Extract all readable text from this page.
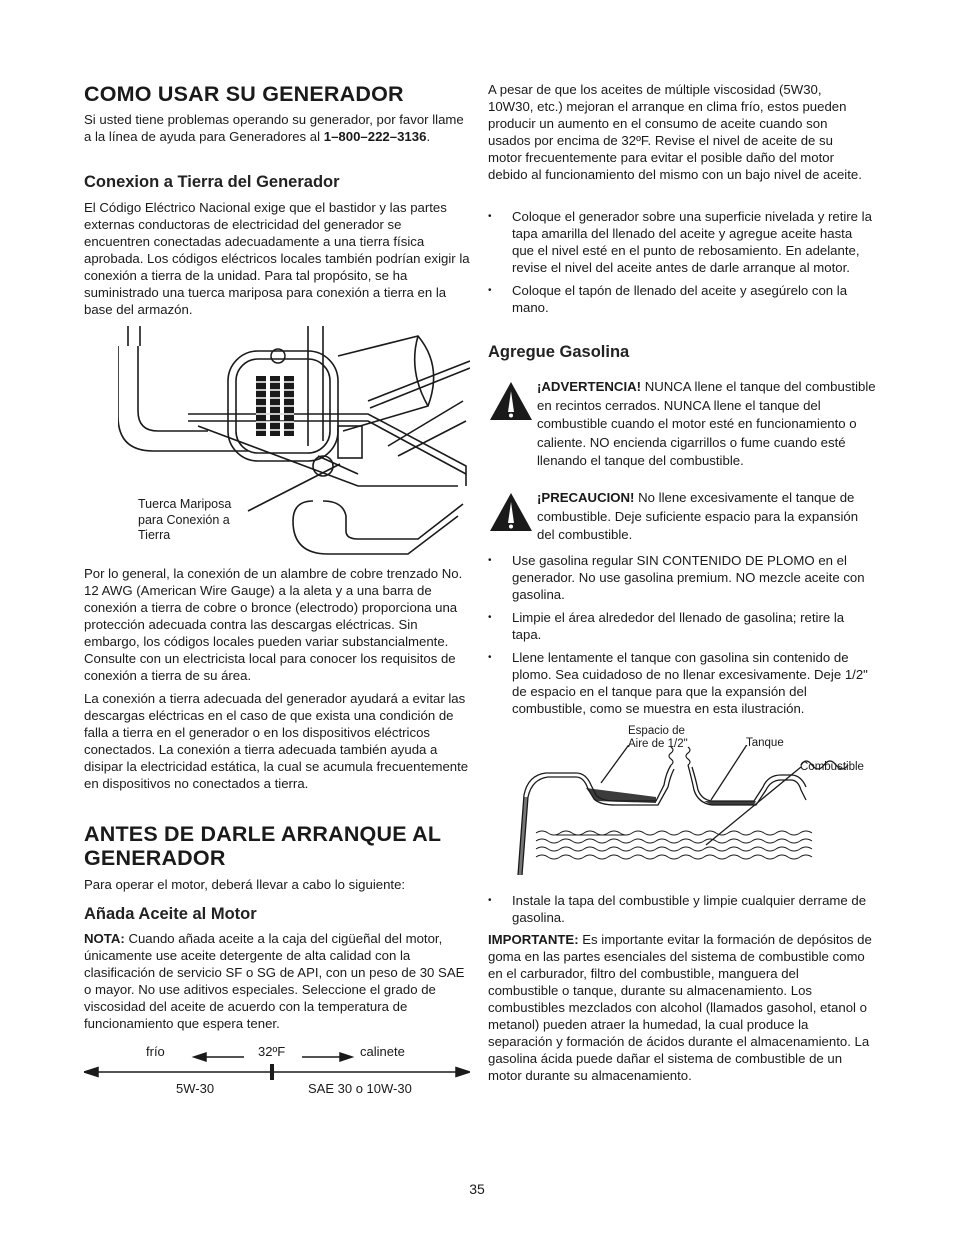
COMO USAR SU GENERADOR

Si usted tiene problemas operando su generador, por favor llame a la línea de ayuda para Generadores al 1–800–222–3136.

Conexion a Tierra del Generador

El Código Eléctrico Nacional exige que el bastidor y las partes externas conductoras de electricidad del generador se encuentren conectadas adecuadamente a una tierra física aprobada. Los códigos eléctricos locales también podrían exigir la conexión a tierra de la unidad. Para tal propósito, se ha suministrado una tuerca mariposa para conexión a tierra en la base del armazón.

Tuerca Mariposa
para Conexión a
Tierra

Por lo general, la conexión de un alambre de cobre trenzado No. 12 AWG (American Wire Gauge) a la aleta y a una barra de conexión a tierra de cobre o bronce (electrodo) proporciona una protección adecuada contra las descargas eléctricas. Sin embargo, los códigos locales pueden variar substancialmente. Consulte con un electricista local para conocer los requisitos de conexión a tierra de su área.

La conexión a tierra adecuada del generador ayudará a evitar las descargas eléctricas en el caso de que exista una condición de falla a tierra en el generador o en los dispositivos eléctricos conectados. La conexión a tierra adecuada también ayuda a disipar la electricidad estática, la cual se acumula frecuentemente en dispositivos no conectados a tierra.

ANTES DE DARLE ARRANQUE AL GENERADOR

Para operar el motor, deberá llevar a cabo lo siguiente:

Añada Aceite al Motor

NOTA: Cuando añada aceite a la caja del cigüeñal del motor, únicamente use aceite detergente de alta calidad con la clasificación de servicio SF o SG de API, con un peso de 30 SAE o mayor. No use aditivos especiales. Seleccione el grado de viscosidad del aceite de acuerdo con la temperatura de funcionamiento que espera tener.

frío	32ºF	calinete
5W-30	SAE 30 o 10W-30

A pesar de que los aceites de múltiple viscosidad (5W30, 10W30, etc.) mejoran el arranque en clima frío, estos pueden producir un aumento en el consumo de aceite cuando son usados por encima de 32ºF. Revise el nivel de aceite de su motor frecuentemente para evitar el posible daño del motor debido al funcionamiento del mismo con un bajo nivel de aceite.

• Coloque el generador sobre una superficie nivelada y retire la tapa amarilla del llenado del aceite y agregue aceite hasta que el nivel esté en el punto de rebosamiento. En adelante, revise el nivel del aceite antes de darle arranque al motor.
• Coloque el tapón de llenado del aceite y asegúrelo con la mano.
Agregue Gasolina
¡ADVERTENCIA! NUNCA llene el tanque del combustible en recintos cerrados. NUNCA llene el tanque del combustible cuando el motor esté en funcionamiento o caliente. NO encienda cigarrillos o fume cuando esté llenando el tanque del combustible.
¡PRECAUCION! No llene excesivamente el tanque de combustible. Deje suficiente espacio para la expansión del combustible.
• Use gasolina regular SIN CONTENIDO DE PLOMO en el generador. No use gasolina premium. NO mezcle aceite con gasolina.
• Limpie el área alrededor del llenado de gasolina; retire la tapa.
• Llene lentamente el tanque con gasolina sin contenido de plomo. Sea cuidadoso de no llenar excesivamente. Deje 1/2" de espacio en el tanque para que la expansión del combustible, como se muestra en esta ilustración.
Espacio de
Aire de 1/2"	Tanque
Combustible
• Instale la tapa del combustible y limpie cualquier derrame de gasolina.

IMPORTANTE: Es importante evitar la formación de depósitos de goma en las partes esenciales del sistema de combustible como en el carburador, filtro del combustible, manguera del combustible o tanque, durante su almacenamiento. Los combustibles mezclados con alcohol (llamados gasohol, etanol o metanol) pueden atraer la humedad, la cual produce la separación y formación de ácidos durante el almacenamiento. La gasolina ácida puede dañar el sistema de combustible de un motor durante su almacenamiento.

35
